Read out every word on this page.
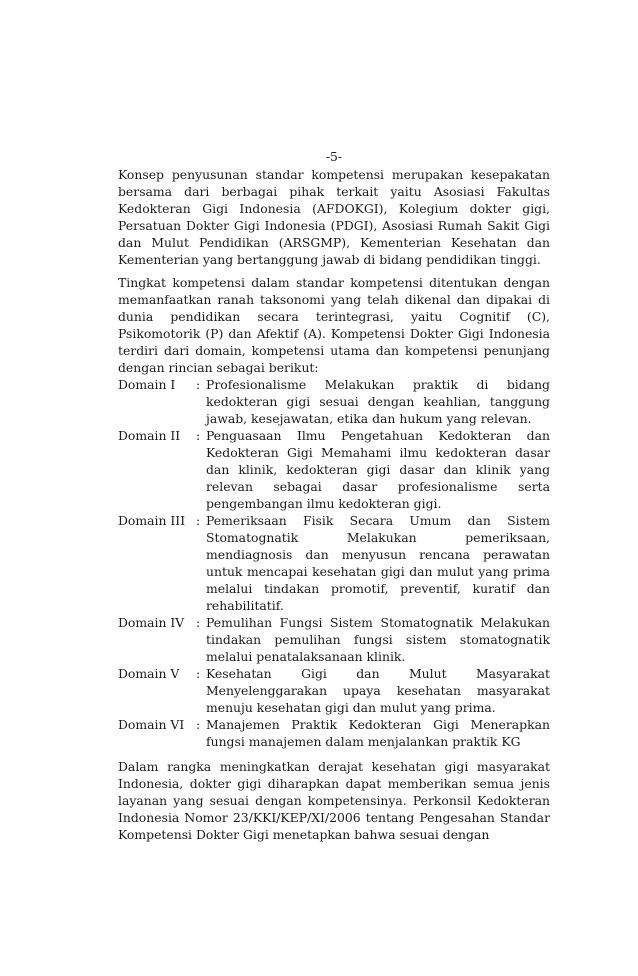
-5-

Konsep penyusunan standar kompetensi merupakan kesepakatan bersama dari berbagai pihak terkait yaitu Asosiasi Fakultas Kedokteran Gigi Indonesia (AFDOKGI), Kolegium dokter gigi, Persatuan Dokter Gigi Indonesia (PDGI), Asosiasi Rumah Sakit Gigi dan Mulut Pendidikan (ARSGMP), Kementerian Kesehatan dan Kementerian yang bertanggung jawab di bidang pendidikan tinggi.

Tingkat kompetensi dalam standar kompetensi ditentukan dengan memanfaatkan ranah taksonomi yang telah dikenal dan dipakai di dunia pendidikan secara terintegrasi, yaitu Cognitif (C), Psikomotorik (P) dan Afektif (A). Kompetensi Dokter Gigi Indonesia terdiri dari domain, kompetensi utama dan kompetensi penunjang dengan rincian sebagai berikut:

Domain I	: Profesionalisme Melakukan praktik di bidang kedokteran gigi sesuai dengan keahlian, tanggung jawab, kesejawatan, etika dan hukum yang relevan.
Domain II	: Penguasaan Ilmu Pengetahuan Kedokteran dan Kedokteran Gigi Memahami ilmu kedokteran dasar dan klinik, kedokteran gigi dasar dan klinik yang relevan sebagai dasar profesionalisme serta pengembangan ilmu kedokteran gigi.
Domain III : Pemeriksaan Fisik Secara Umum dan Sistem Stomatognatik Melakukan pemeriksaan, mendiagnosis dan menyusun rencana perawatan untuk mencapai kesehatan gigi dan mulut yang prima melalui tindakan promotif, preventif, kuratif dan rehabilitatif.
Domain IV : Pemulihan Fungsi Sistem Stomatognatik Melakukan tindakan pemulihan fungsi sistem stomatognatik melalui penatalaksanaan klinik.
Domain V	: Kesehatan Gigi dan Mulut Masyarakat Menyelenggarakan upaya kesehatan masyarakat menuju kesehatan gigi dan mulut yang prima.
Domain VI : Manajemen Praktik Kedokteran Gigi Menerapkan fungsi manajemen dalam menjalankan praktik KG

Dalam rangka meningkatkan derajat kesehatan gigi masyarakat Indonesia, dokter gigi diharapkan dapat memberikan semua jenis layanan yang sesuai dengan kompetensinya. Perkonsil Kedokteran Indonesia Nomor 23/KKI/KEP/XI/2006 tentang Pengesahan Standar Kompetensi Dokter Gigi menetapkan bahwa sesuai dengan
